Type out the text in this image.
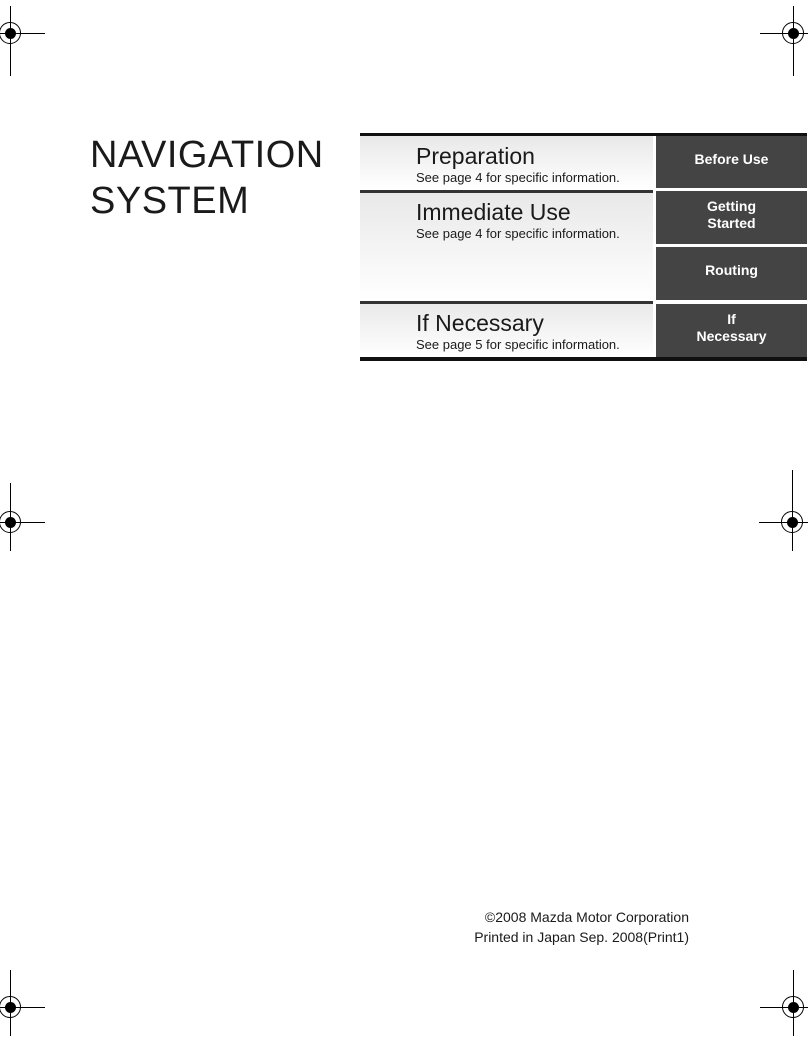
NAVIGATION
SYSTEM
Preparation
See page 4 for specific information.
Immediate Use
See page 4 for specific information.
If Necessary
See page 5 for specific information.
Before Use
Getting
Started
Routing
If
Necessary
©2008 Mazda Motor Corporation
Printed in Japan Sep. 2008(Print1)
